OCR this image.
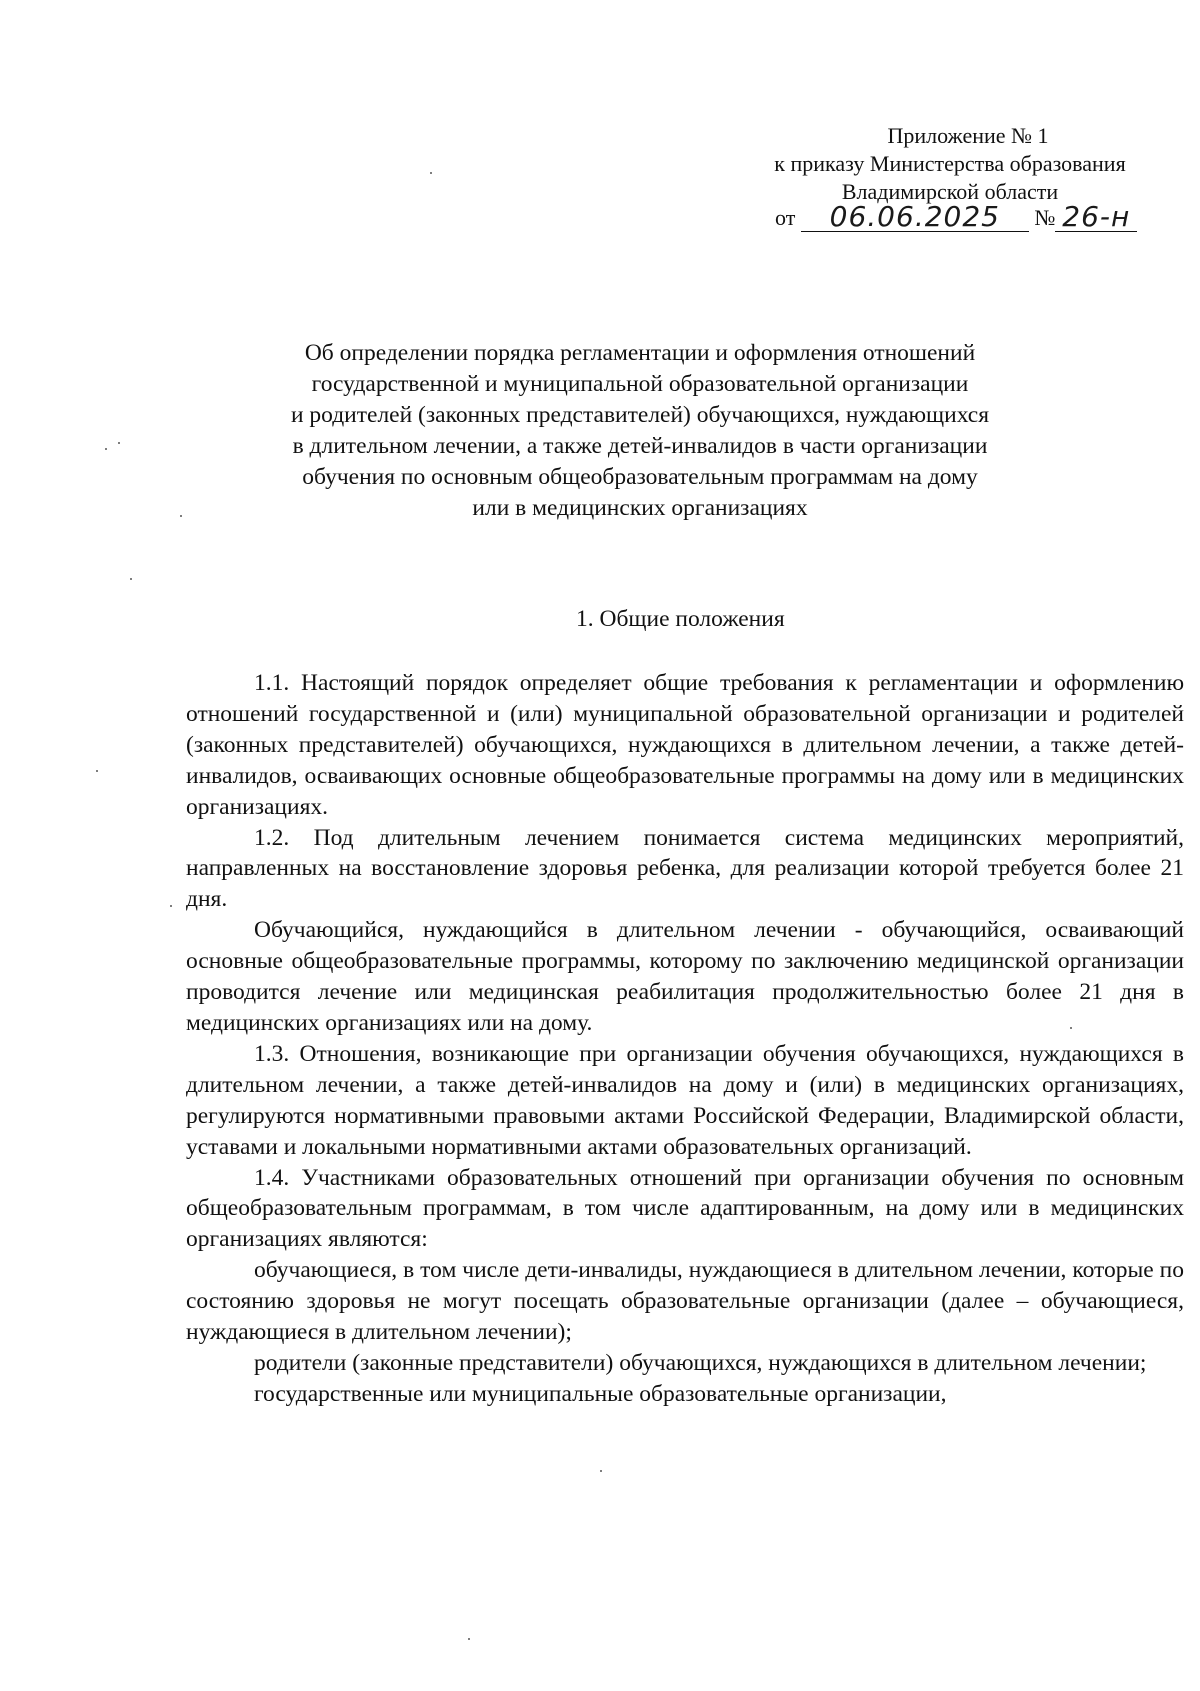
Приложение № 1
к приказу Министерства образования
Владимирской области
от 06.06.2025 № 26-н
Об определении порядка регламентации и оформления отношений
государственной и муниципальной образовательной организации
и родителей (законных представителей) обучающихся, нуждающихся
в длительном лечении, а также детей-инвалидов в части организации
обучения по основным общеобразовательным программам на дому
или в медицинских организациях
1. Общие положения

1.1. Настоящий порядок определяет общие требования к регламентации и оформлению отношений государственной и (или) муниципальной образовательной организации и родителей (законных представителей) обучающихся, нуждающихся в длительном лечении, а также детей-инвалидов, осваивающих основные общеобразовательные программы на дому или в медицинских организациях.

1.2. Под длительным лечением понимается система медицинских мероприятий, направленных на восстановление здоровья ребенка, для реализации которой требуется более 21 дня.

Обучающийся, нуждающийся в длительном лечении - обучающийся, осваивающий основные общеобразовательные программы, которому по заключению медицинской организации проводится лечение или медицинская реабилитация продолжительностью более 21 дня в медицинских организациях или на дому.

1.3. Отношения, возникающие при организации обучения обучающихся, нуждающихся в длительном лечении, а также детей-инвалидов на дому и (или) в медицинских организациях, регулируются нормативными правовыми актами Российской Федерации, Владимирской области, уставами и локальными нормативными актами образовательных организаций.

1.4. Участниками образовательных отношений при организации обучения по основным общеобразовательным программам, в том числе адаптированным, на дому или в медицинских организациях являются:

обучающиеся, в том числе дети-инвалиды, нуждающиеся в длительном лечении, которые по состоянию здоровья не могут посещать образовательные организации (далее – обучающиеся, нуждающиеся в длительном лечении);

родители (законные представители) обучающихся, нуждающихся в длительном лечении;

государственные или муниципальные образовательные организации,
